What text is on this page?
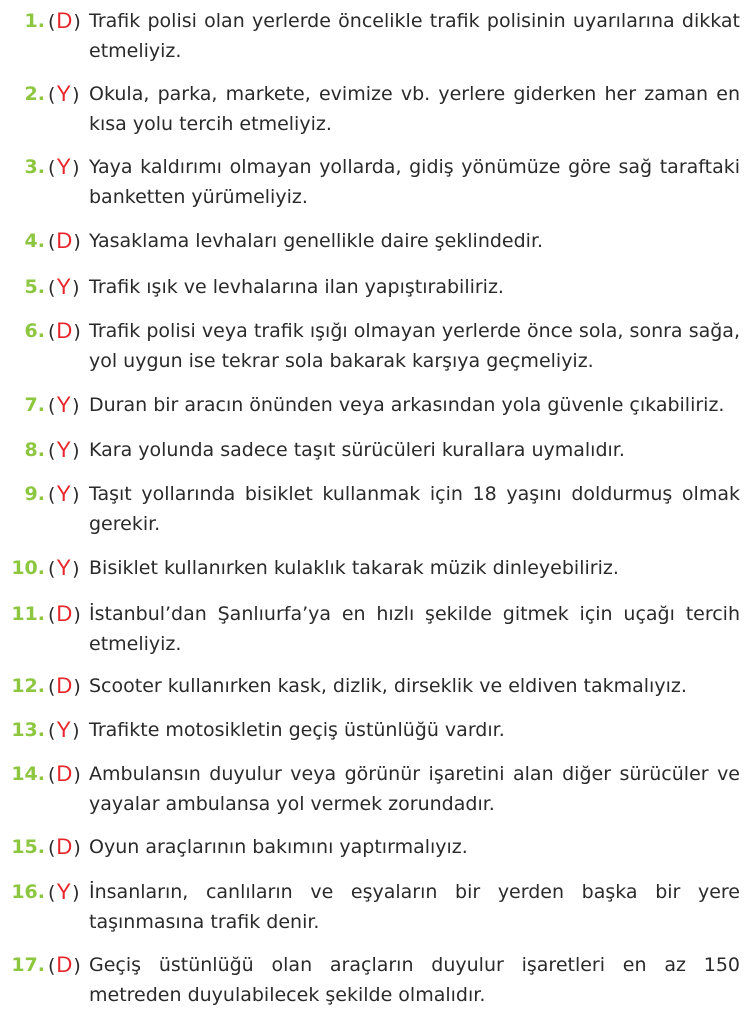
1. (D) Trafik polisi olan yerlerde öncelikle trafik polisinin uyarılarına dikkat etmeliyiz.
2. (Y) Okula, parka, markete, evimize vb. yerlere giderken her zaman en kısa yolu tercih etmeliyiz.
3. (Y) Yaya kaldırımı olmayan yollarda, gidiş yönümüze göre sağ taraftaki banketten yürümeliyiz.
4. (D) Yasaklama levhaları genellikle daire şeklindedir.
5. (Y) Trafik ışık ve levhalarına ilan yapıştırabiliriz.
6. (D) Trafik polisi veya trafik ışığı olmayan yerlerde önce sola, sonra sağa, yol uygun ise tekrar sola bakarak karşıya geçmeliyiz.
7. (Y) Duran bir aracın önünden veya arkasından yola güvenle çıkabiliriz.
8. (Y) Kara yolunda sadece taşıt sürücüleri kurallara uymalıdır.
9. (Y) Taşıt yollarında bisiklet kullanmak için 18 yaşını doldurmuş olmak gerekir.
10. (Y) Bisiklet kullanırken kulaklık takarak müzik dinleyebiliriz.
11. (D) İstanbul’dan Şanlıurfa’ya en hızlı şekilde gitmek için uçağı tercih etmeliyiz.
12. (D) Scooter kullanırken kask, dizlik, dirseklik ve eldiven takmalıyız.
13. (Y) Trafikte motosikletin geçiş üstünlüğü vardır.
14. (D) Ambulansın duyulur veya görünür işaretini alan diğer sürücüler ve yayalar ambulansa yol vermek zorundadır.
15. (D) Oyun araçlarının bakımını yaptırmalıyız.
16. (Y) İnsanların, canlıların ve eşyaların bir yerden başka bir yere taşınmasına trafik denir.
17. (D) Geçiş üstünlüğü olan araçların duyulur işaretleri en az 150 metreden duyulabilecek şekilde olmalıdır.
